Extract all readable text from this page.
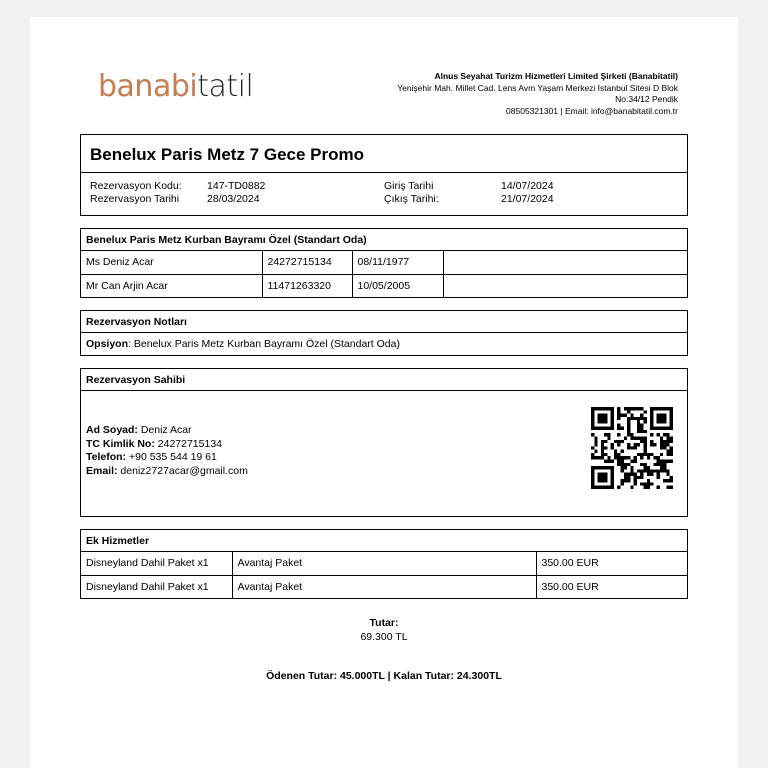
banabitatil	Alnus Seyahat Turizm Hizmetleri Limited Şirketi (Banabitatil)
Yenişehir Mah. Millet Cad. Lens Avm Yaşam Merkezi İstanbul Sitesi D Blok
No:34/12 Pendik
08505321301 | Email: info@banabitatil.com.tr
Benelux Paris Metz 7 Gece Promo
Rezervasyon Kodu: 147-TD0882	Giriş Tarihi	14/07/2024
Rezervasyon Tarihi	28/03/2024	Çıkış Tarihi:	21/07/2024
Benelux Paris Metz Kurban Bayramı Özel (Standart Oda)
Ms Deniz Acar	24272715134	08/11/1977	
Mr Can Arjin Acar	11471263320	10/05/2005	
Rezervasyon Notları
Opsiyon: Benelux Paris Metz Kurban Bayramı Özel (Standart Oda)
Rezervasyon Sahibi
Ad Soyad: Deniz Acar
TC Kimlik No: 24272715134
Telefon: +90 535 544 19 61
Email: deniz2727acar@gmail.com
Ek Hizmetler
Disneyland Dahil Paket x1	Avantaj Paket	350.00 EUR
Disneyland Dahil Paket x1	Avantaj Paket	350.00 EUR
Tutar:
69.300 TL
Ödenen Tutar: 45.000TL | Kalan Tutar: 24.300TL
